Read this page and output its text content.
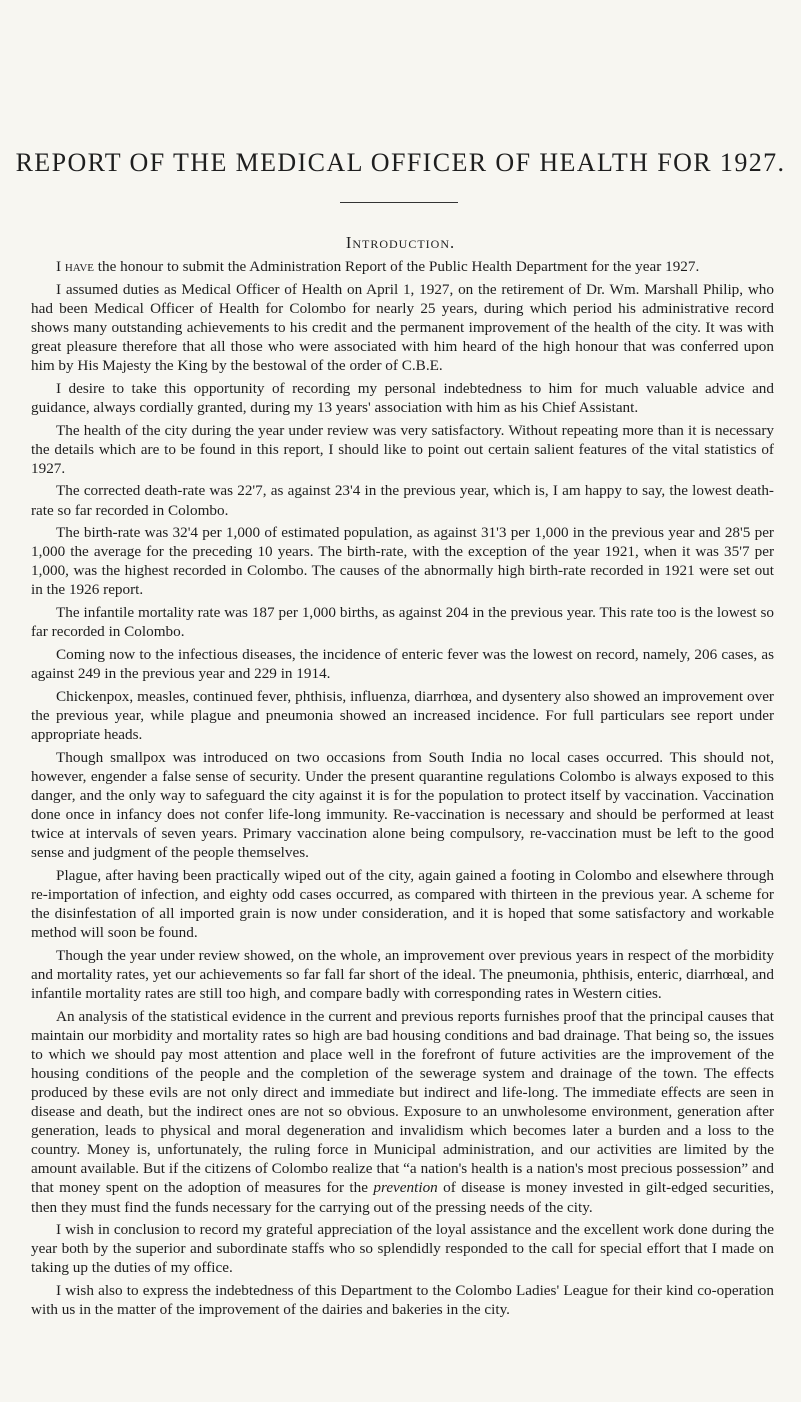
REPORT OF THE MEDICAL OFFICER OF HEALTH FOR 1927.
Introduction.

I have the honour to submit the Administration Report of the Public Health Department for the year 1927.

I assumed duties as Medical Officer of Health on April 1, 1927, on the retirement of Dr. Wm. Marshall Philip, who had been Medical Officer of Health for Colombo for nearly 25 years, during which period his administrative record shows many outstanding achievements to his credit and the permanent improvement of the health of the city. It was with great pleasure therefore that all those who were associated with him heard of the high honour that was conferred upon him by His Majesty the King by the bestowal of the order of C.B.E.

I desire to take this opportunity of recording my personal indebtedness to him for much valuable advice and guidance, always cordially granted, during my 13 years' association with him as his Chief Assistant.

The health of the city during the year under review was very satisfactory. Without repeating more than it is necessary the details which are to be found in this report, I should like to point out certain salient features of the vital statistics of 1927.

The corrected death-rate was 22'7, as against 23'4 in the previous year, which is, I am happy to say, the lowest death-rate so far recorded in Colombo.

The birth-rate was 32'4 per 1,000 of estimated population, as against 31'3 per 1,000 in the previous year and 28'5 per 1,000 the average for the preceding 10 years. The birth-rate, with the exception of the year 1921, when it was 35'7 per 1,000, was the highest recorded in Colombo. The causes of the abnormally high birth-rate recorded in 1921 were set out in the 1926 report.

The infantile mortality rate was 187 per 1,000 births, as against 204 in the previous year. This rate too is the lowest so far recorded in Colombo.

Coming now to the infectious diseases, the incidence of enteric fever was the lowest on record, namely, 206 cases, as against 249 in the previous year and 229 in 1914.

Chickenpox, measles, continued fever, phthisis, influenza, diarrhœa, and dysentery also showed an improvement over the previous year, while plague and pneumonia showed an increased incidence. For full particulars see report under appropriate heads.

Though smallpox was introduced on two occasions from South India no local cases occurred. This should not, however, engender a false sense of security. Under the present quarantine regulations Colombo is always exposed to this danger, and the only way to safeguard the city against it is for the population to protect itself by vaccination. Vaccination done once in infancy does not confer life-long immunity. Re-vaccination is necessary and should be performed at least twice at intervals of seven years. Primary vaccination alone being compulsory, re-vaccination must be left to the good sense and judgment of the people themselves.

Plague, after having been practically wiped out of the city, again gained a footing in Colombo and elsewhere through re-importation of infection, and eighty odd cases occurred, as compared with thirteen in the previous year. A scheme for the disinfestation of all imported grain is now under consideration, and it is hoped that some satisfactory and workable method will soon be found.

Though the year under review showed, on the whole, an improvement over previous years in respect of the morbidity and mortality rates, yet our achievements so far fall far short of the ideal. The pneumonia, phthisis, enteric, diarrhœal, and infantile mortality rates are still too high, and compare badly with corresponding rates in Western cities.

An analysis of the statistical evidence in the current and previous reports furnishes proof that the principal causes that maintain our morbidity and mortality rates so high are bad housing conditions and bad drainage. That being so, the issues to which we should pay most attention and place well in the forefront of future activities are the improvement of the housing conditions of the people and the completion of the sewerage system and drainage of the town. The effects produced by these evils are not only direct and immediate but indirect and life-long. The immediate effects are seen in disease and death, but the indirect ones are not so obvious. Exposure to an unwholesome environment, generation after generation, leads to physical and moral degeneration and invalidism which becomes later a burden and a loss to the country. Money is, unfortunately, the ruling force in Municipal administration, and our activities are limited by the amount available. But if the citizens of Colombo realize that “a nation's health is a nation's most precious possession” and that money spent on the adoption of measures for the prevention of disease is money invested in gilt-edged securities, then they must find the funds necessary for the carrying out of the pressing needs of the city.

I wish in conclusion to record my grateful appreciation of the loyal assistance and the excellent work done during the year both by the superior and subordinate staffs who so splendidly responded to the call for special effort that I made on taking up the duties of my office.

I wish also to express the indebtedness of this Department to the Colombo Ladies' League for their kind co-operation with us in the matter of the improvement of the dairies and bakeries in the city.
